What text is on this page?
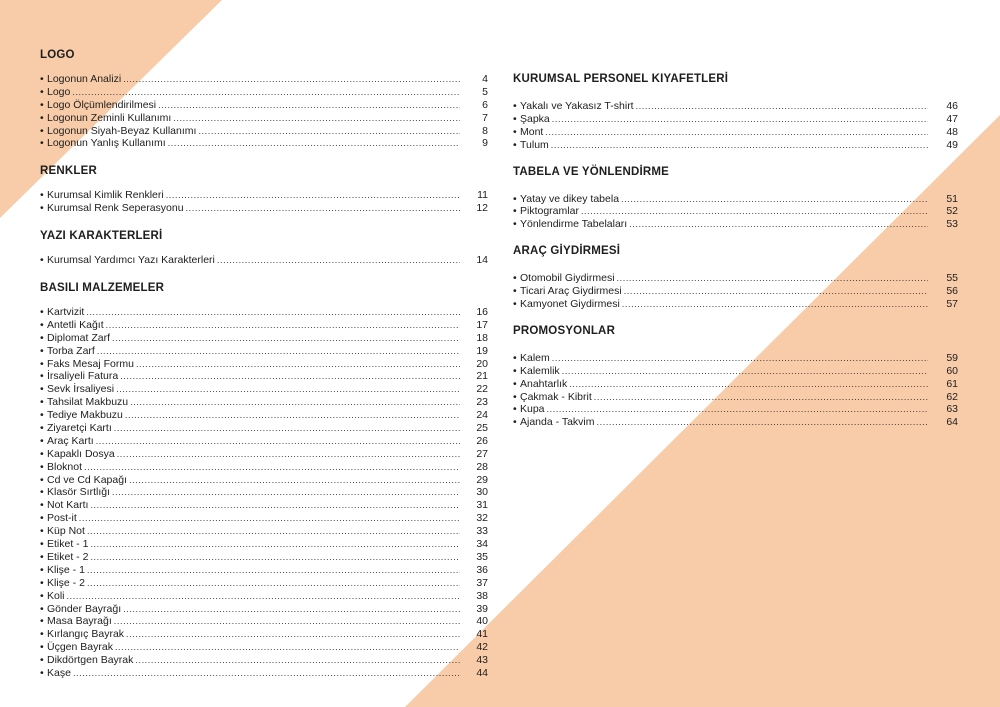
LOGO
• Logonun Analizi .....	4
• Logo .....	5
• Logo Ölçümlendirilmesi .....	6
• Logonun Zeminli Kullanımı .....	7
• Logonun Siyah-Beyaz Kullanımı .....	8
• Logonun Yanlış Kullanımı .....	9
RENKLER
• Kurumsal Kimlik Renkleri .....	11
• Kurumsal Renk Seperasyonu .....	12
YAZI KARAKTERLERİ
• Kurumsal Yardımcı Yazı Karakterleri .....	14
BASILI MALZEMELER
• Kartvizit .....	16
• Antetli Kağıt .....	17
• Diplomat Zarf .....	18
• Torba Zarf .....	19
• Faks Mesaj Formu .....	20
• İrsaliyeli Fatura .....	21
• Sevk İrsaliyesi .....	22
• Tahsilat Makbuzu .....	23
• Tediye Makbuzu .....	24
• Ziyaretçi Kartı .....	25
• Araç Kartı .....	26
• Kapaklı Dosya .....	27
• Bloknot .....	28
• Cd ve Cd Kapağı .....	29
• Klasör Sırtlığı .....	30
• Not Kartı .....	31
• Post-it .....	32
• Küp Not .....	33
• Etiket - 1 .....	34
• Etiket - 2 .....	35
• Klişe - 1 .....	36
• Klişe - 2 .....	37
• Koli .....	38
• Gönder Bayrağı .....	39
• Masa Bayrağı .....	40
• Kırlangıç Bayrak .....	41
• Üçgen Bayrak .....	42
• Dikdörtgen Bayrak .....	43
• Kaşe .....	44
KURUMSAL PERSONEL KIYAFETLERİ
• Yakalı ve Yakasız T-shirt .....	46
• Şapka .....	47
• Mont .....	48
• Tulum .....	49
TABELA VE YÖNLENDİRME
• Yatay ve dikey tabela .....	51
• Piktogramlar .....	52
• Yönlendirme Tabelaları .....	53
ARAÇ GİYDİRMESİ
• Otomobil Giydirmesi .....	55
• Ticari Araç Giydirmesi .....	56
• Kamyonet Giydirmesi .....	57
PROMOSYONLAR
• Kalem .....	59
• Kalemlik .....	60
• Anahtarlık .....	61
• Çakmak - Kibrit .....	62
• Kupa .....	63
• Ajanda - Takvim .....	64
